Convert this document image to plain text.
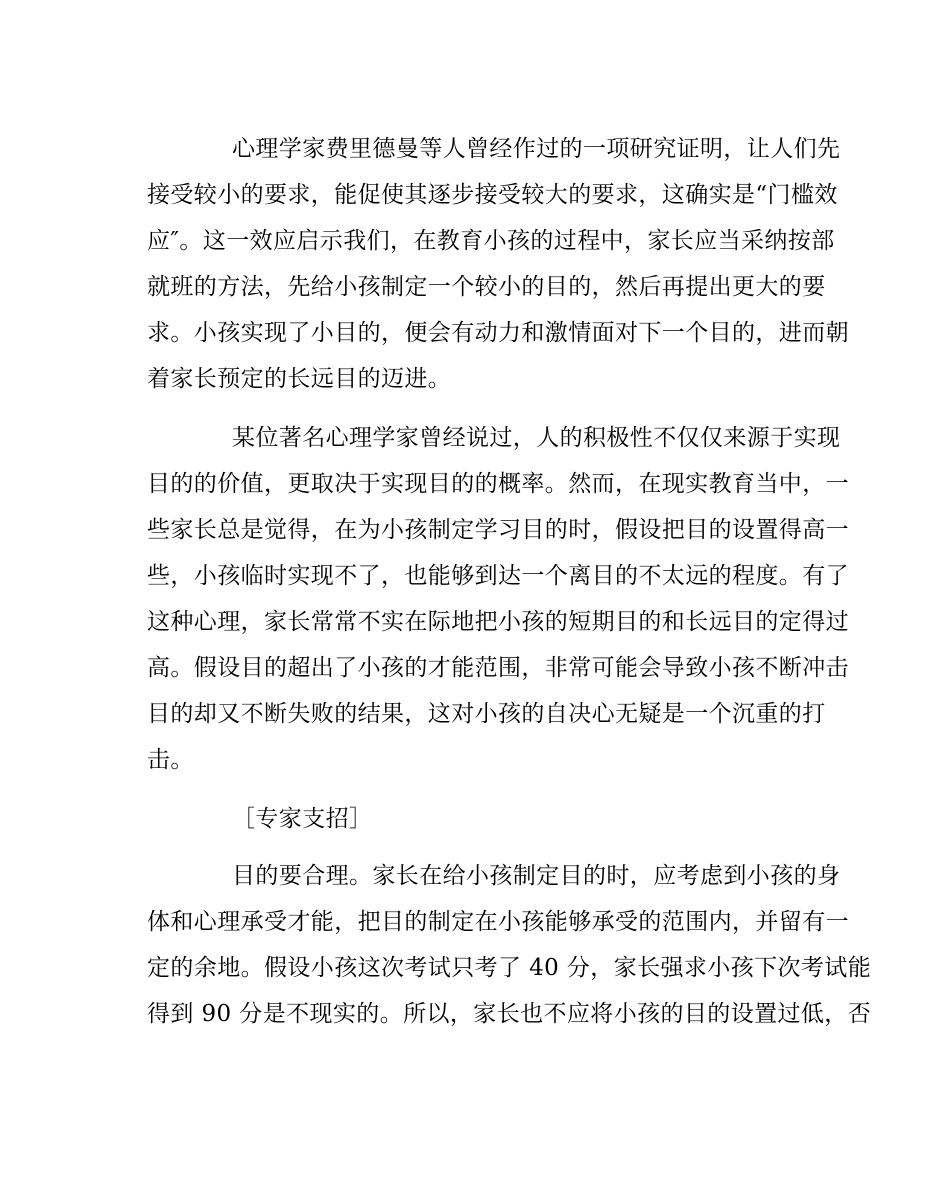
心理学家费里德曼等人曾经作过的一项研究证明，让人们先
接受较小的要求，能促使其逐步接受较大的要求，这确实是“门槛效
应″。这一效应启示我们，在教育小孩的过程中，家长应当采纳按部
就班的方法，先给小孩制定一个较小的目的，然后再提出更大的要
求。小孩实现了小目的，便会有动力和激情面对下一个目的，进而朝
着家长预定的长远目的迈进。
某位著名心理学家曾经说过，人的积极性不仅仅来源于实现
目的的价值，更取决于实现目的的概率。然而，在现实教育当中，一
些家长总是觉得，在为小孩制定学习目的时，假设把目的设置得高一
些，小孩临时实现不了，也能够到达一个离目的不太远的程度。有了
这种心理，家长常常不实在际地把小孩的短期目的和长远目的定得过
高。假设目的超出了小孩的才能范围，非常可能会导致小孩不断冲击
目的却又不断失败的结果，这对小孩的自决心无疑是一个沉重的打
击。
［专家支招］
目的要合理。家长在给小孩制定目的时，应考虑到小孩的身
体和心理承受才能，把目的制定在小孩能够承受的范围内，并留有一
定的余地。假设小孩这次考试只考了 40 分，家长强求小孩下次考试能
得到 90 分是不现实的。所以，家长也不应将小孩的目的设置过低，否
